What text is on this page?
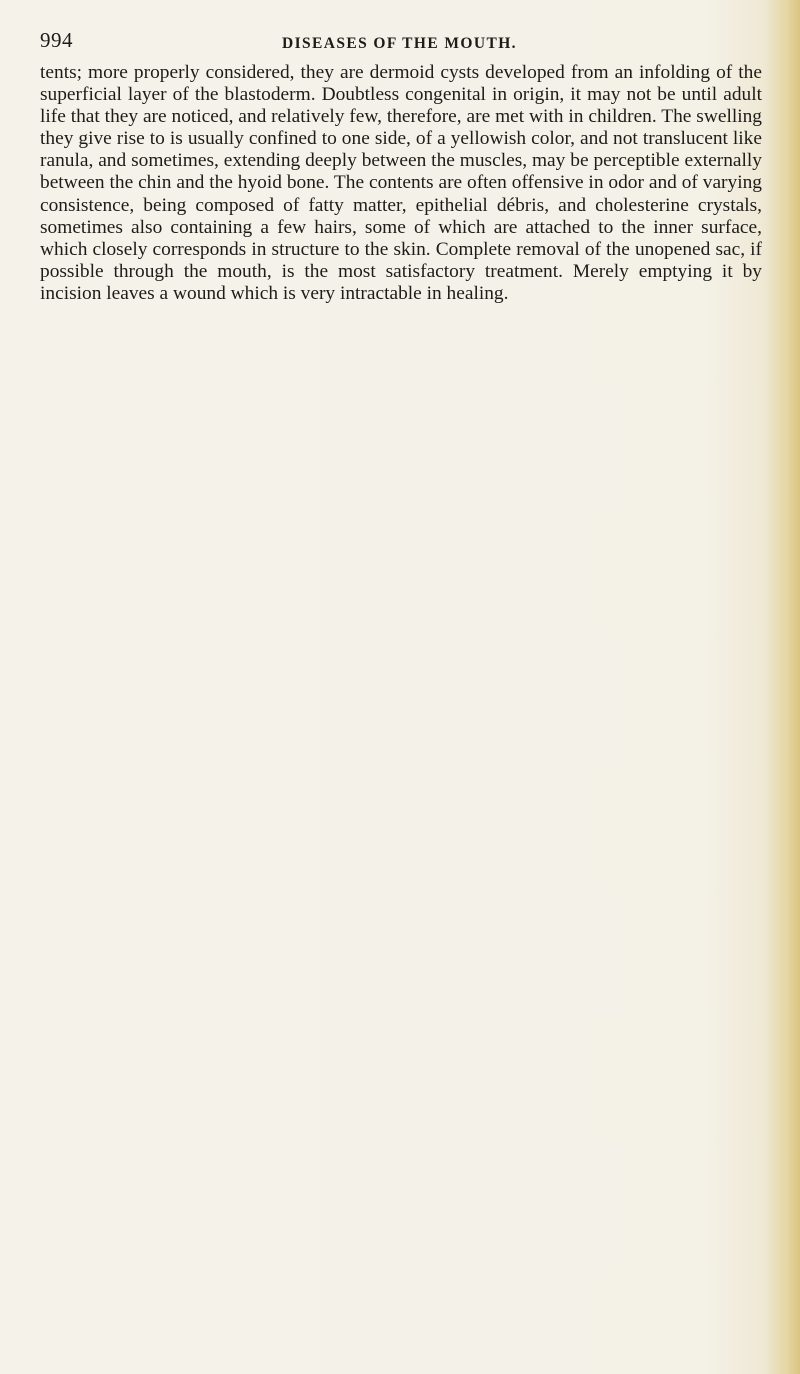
994	DISEASES OF THE MOUTH.

tents; more properly considered, they are dermoid cysts developed from an infolding of the superficial layer of the blastoderm. Doubtless congenital in origin, it may not be until adult life that they are noticed, and relatively few, therefore, are met with in children. The swelling they give rise to is usually confined to one side, of a yellowish color, and not translucent like ranula, and sometimes, extending deeply between the muscles, may be perceptible externally between the chin and the hyoid bone. The contents are often offensive in odor and of varying consistence, being composed of fatty matter, epithelial débris, and cholesterine crystals, sometimes also containing a few hairs, some of which are attached to the inner surface, which closely corresponds in structure to the skin. Complete removal of the unopened sac, if possible through the mouth, is the most satisfactory treatment. Merely emptying it by incision leaves a wound which is very intractable in healing.
